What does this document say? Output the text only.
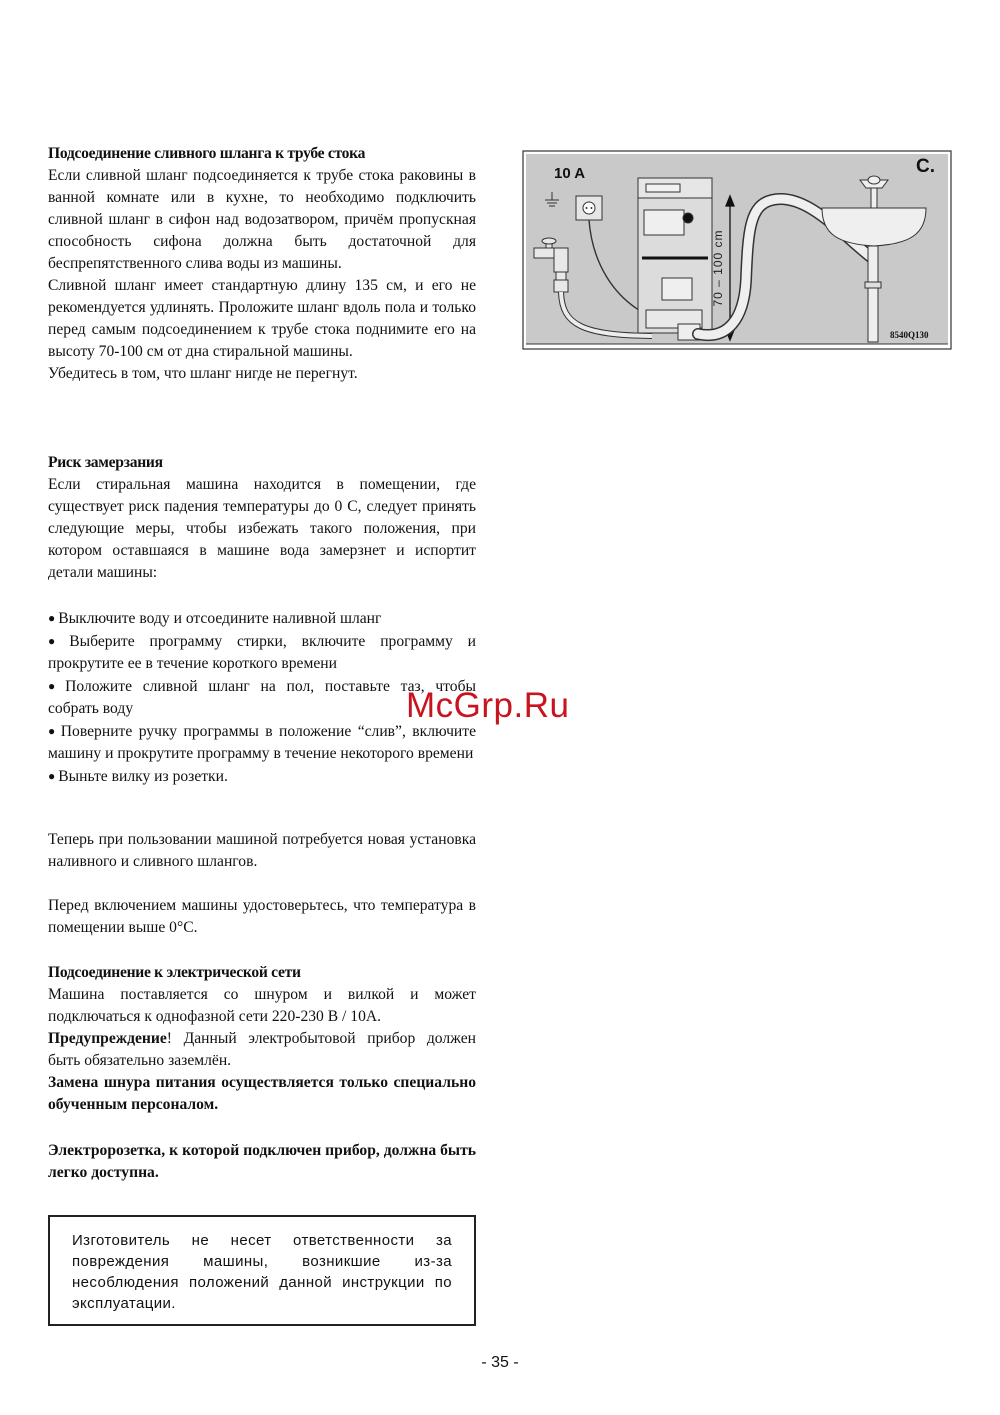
Подсоединение сливного шланга к трубе стока

Если сливной шланг подсоединяется к трубе стока раковины в ванной комнате или в кухне, то необходимо подключить сливной шланг в сифон над водозатвором, причём пропускная способность сифона должна быть достаточной для беспрепятственного слива воды из машины.

Сливной шланг имеет стандартную длину 135 см, и его не рекомендуется удлинять. Проложите шланг вдоль пола и только перед самым подсоединением к трубе стока поднимите его на высоту 70-100 см от дна стиральной машины.

Убедитесь в том, что шланг нигде не перегнут.

Риск замерзания

Если стиральная машина находится в помещении, где существует риск падения температуры до 0 С, следует принять следующие меры, чтобы избежать такого положения, при котором оставшаяся в машине вода замерзнет и испортит детали машины:

● Выключите воду и отсоедините наливной шланг
● Выберите программу стирки, включите программу и прокрутите ее в течение короткого времени
● Положите сливной шланг на пол, поставьте таз, чтобы собрать воду
● Поверните ручку программы в положение “слив”, включите машину и прокрутите программу в течение некоторого времени
● Выньте вилку из розетки.

Теперь при пользовании машиной потребуется новая установка наливного и сливного шлангов.

Перед включением машины удостоверьтесь, что температура в помещении выше 0°С.

Подсоединение к электрической сети

Машина поставляется со шнуром и вилкой и может подключаться к однофазной сети 220-230 В / 10А.

Предупреждение! Данный электробытовой прибор должен быть обязательно заземлён.

Замена шнура питания осуществляется только специально обученным персоналом.

Электророзетка, к которой подключен прибор, должна быть легко доступна.

Изготовитель не несет ответственности за повреждения машины, возникшие из-за несоблюдения положений данной инструкции по эксплуатации.
70 – 100 cm
10 A	C.
8540Q130
McGrp.Ru
- 35 -
